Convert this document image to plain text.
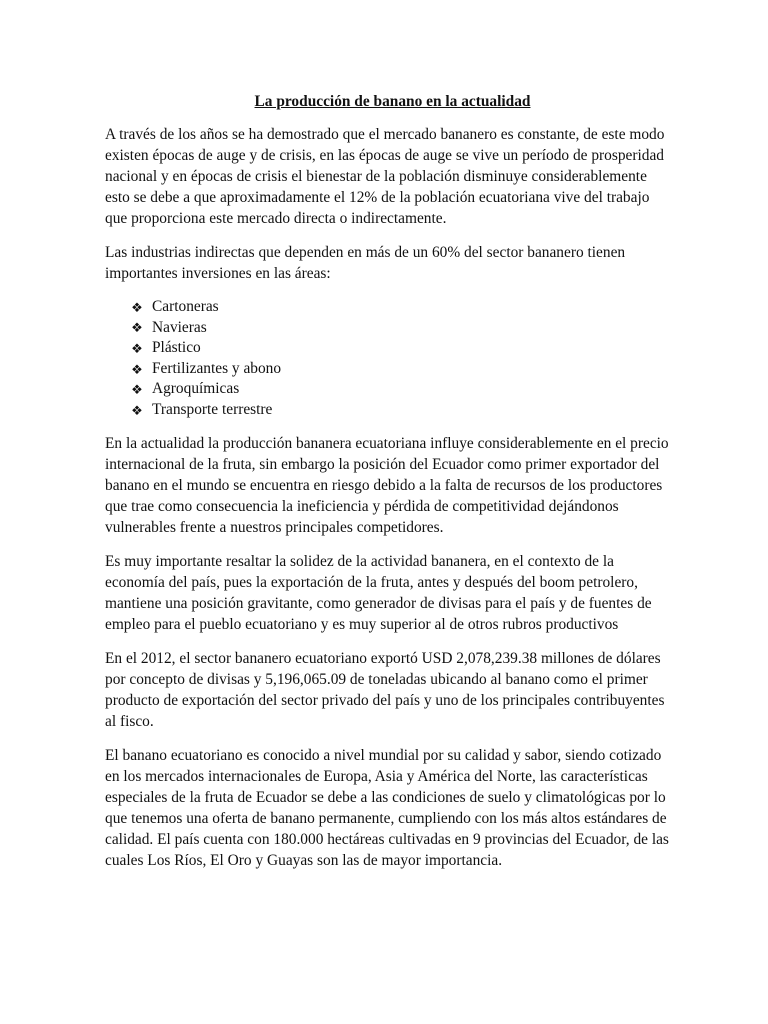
La producción de banano en la actualidad

A través de los años se ha demostrado que el mercado bananero es constante, de este modo existen épocas de auge y de crisis, en las épocas de auge se vive un período de prosperidad nacional y en épocas de crisis el bienestar de la población disminuye considerablemente esto se debe a que aproximadamente el 12% de la población ecuatoriana vive del trabajo que proporciona este mercado directa o indirectamente.

Las industrias indirectas que dependen en más de un 60% del sector bananero tienen importantes inversiones en las áreas:

❖ Cartoneras
❖ Navieras
❖ Plástico
❖ Fertilizantes y abono
❖ Agroquímicas
❖ Transporte terrestre

En la actualidad la producción bananera ecuatoriana influye considerablemente en el precio internacional de la fruta, sin embargo la posición del Ecuador como primer exportador del banano en el mundo se encuentra en riesgo debido a la falta de recursos de los productores que trae como consecuencia la ineficiencia y pérdida de competitividad dejándonos vulnerables frente a nuestros principales competidores.

Es muy importante resaltar la solidez de la actividad bananera, en el contexto de la economía del país, pues la exportación de la fruta, antes y después del boom petrolero, mantiene una posición gravitante, como generador de divisas para el país y de fuentes de empleo para el pueblo ecuatoriano y es muy superior al de otros rubros productivos

En el 2012, el sector bananero ecuatoriano exportó USD 2,078,239.38 millones de dólares por concepto de divisas y 5,196,065.09 de toneladas ubicando al banano como el primer producto de exportación del sector privado del país y uno de los principales contribuyentes al fisco.

El banano ecuatoriano es conocido a nivel mundial por su calidad y sabor, siendo cotizado en los mercados internacionales de Europa, Asia y América del Norte, las características especiales de la fruta de Ecuador se debe a las condiciones de suelo y climatológicas por lo que tenemos una oferta de banano permanente, cumpliendo con los más altos estándares de calidad. El país cuenta con 180.000 hectáreas cultivadas en 9 provincias del Ecuador, de las cuales Los Ríos, El Oro y Guayas son las de mayor importancia.
